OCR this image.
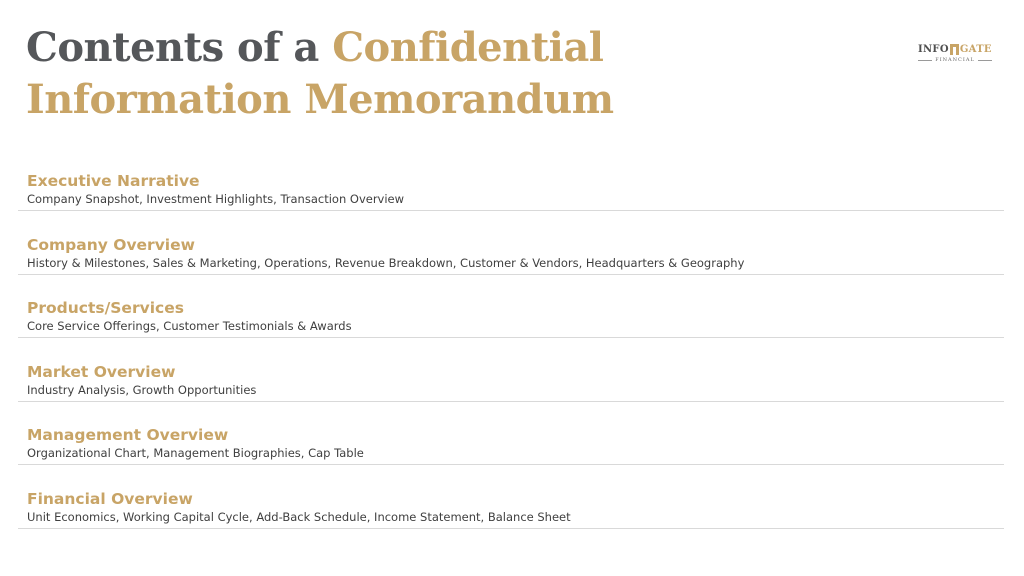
Contents of a Confidential
Information Memorandum
INFO GATE
FINANCIAL
Executive Narrative
Company Snapshot, Investment Highlights, Transaction Overview
Company Overview
History & Milestones, Sales & Marketing, Operations, Revenue Breakdown, Customer & Vendors, Headquarters & Geography
Products/Services
Core Service Offerings, Customer Testimonials & Awards
Market Overview
Industry Analysis, Growth Opportunities
Management Overview
Organizational Chart, Management Biographies, Cap Table
Financial Overview
Unit Economics, Working Capital Cycle, Add-Back Schedule, Income Statement, Balance Sheet
